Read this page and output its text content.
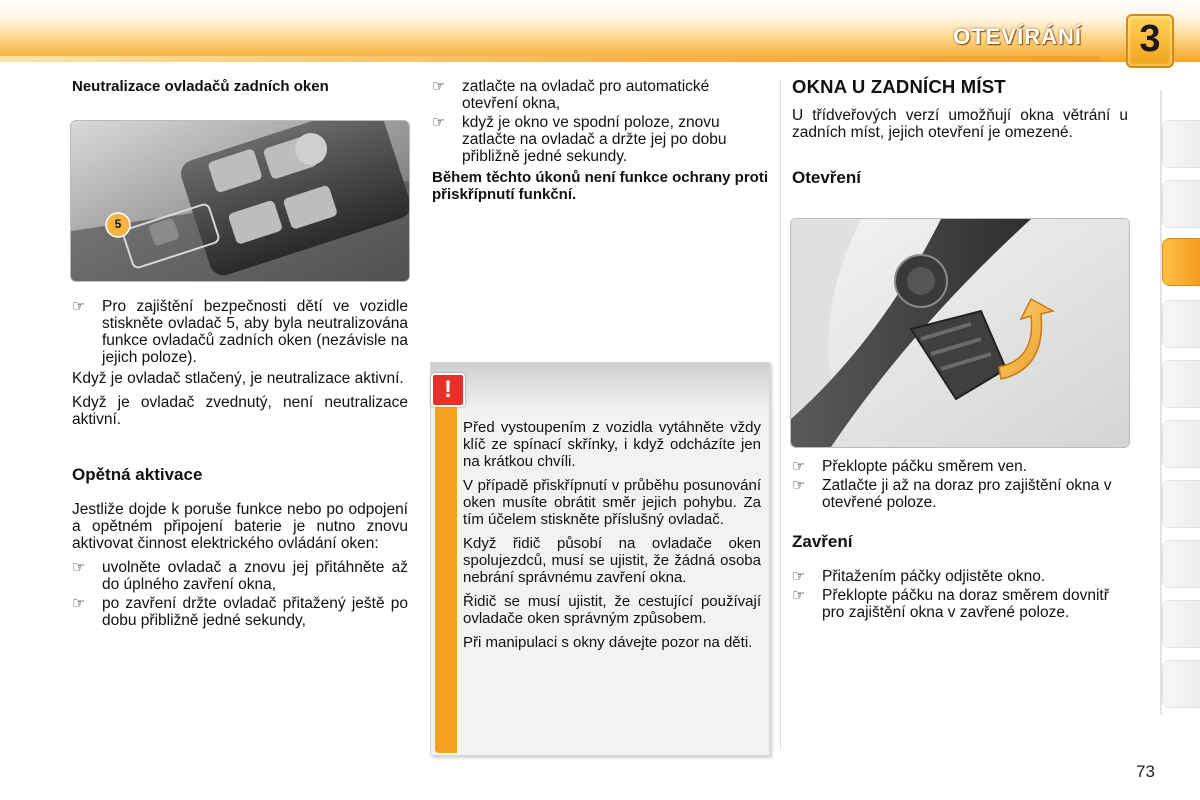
OTEVÍRÁNÍ	3

Neutralizace ovladačů zadních oken

5
☞	Pro zajištění bezpečnosti dětí ve vozidle stiskněte ovladač 5, aby byla neutralizována funkce ovladačů zadních oken (nezávisle na jejich poloze).

Když je ovladač stlačený, je neutralizace aktivní.

Když je ovladač zvednutý, není neutralizace aktivní.

Opětná aktivace

Jestliže dojde k poruše funkce nebo po odpojení a opětném připojení baterie je nutno znovu aktivovat činnost elektrického ovládání oken:

☞	uvolněte ovladač a znovu jej přitáhněte až do úplného zavření okna,
☞	po zavření držte ovladač přitažený ještě po dobu přibližně jedné sekundy,
☞	zatlačte na ovladač pro automatické otevření okna,
☞	když je okno ve spodní poloze, znovu zatlačte na ovladač a držte jej po dobu přibližně jedné sekundy.

Během těchto úkonů není funkce ochrany proti přiskřípnutí funkční.

!

Před vystoupením z vozidla vytáhněte vždy klíč ze spínací skřínky, i když odcházíte jen na krátkou chvíli.

V případě přiskřípnutí v průběhu posunování oken musíte obrátit směr jejich pohybu. Za tím účelem stiskněte příslušný ovladač.

Když řidič působí na ovladače oken spolujezdců, musí se ujistit, že žádná osoba nebrání správnému zavření okna.

Řidič se musí ujistit, že cestující používají ovladače oken správným způsobem.

Při manipulaci s okny dávejte pozor na děti.

OKNA U ZADNÍCH MÍST

U třídveřových verzí umožňují okna větrání u zadních míst, jejich otevření je omezené.

Otevření

☞	Překlopte páčku směrem ven.
☞	Zatlačte ji až na doraz pro zajištění okna v otevřené poloze.

Zavření

☞	Přitažením páčky odjistěte okno.
☞	Překlopte páčku na doraz směrem dovnitř pro zajištění okna v zavřené poloze.
73
